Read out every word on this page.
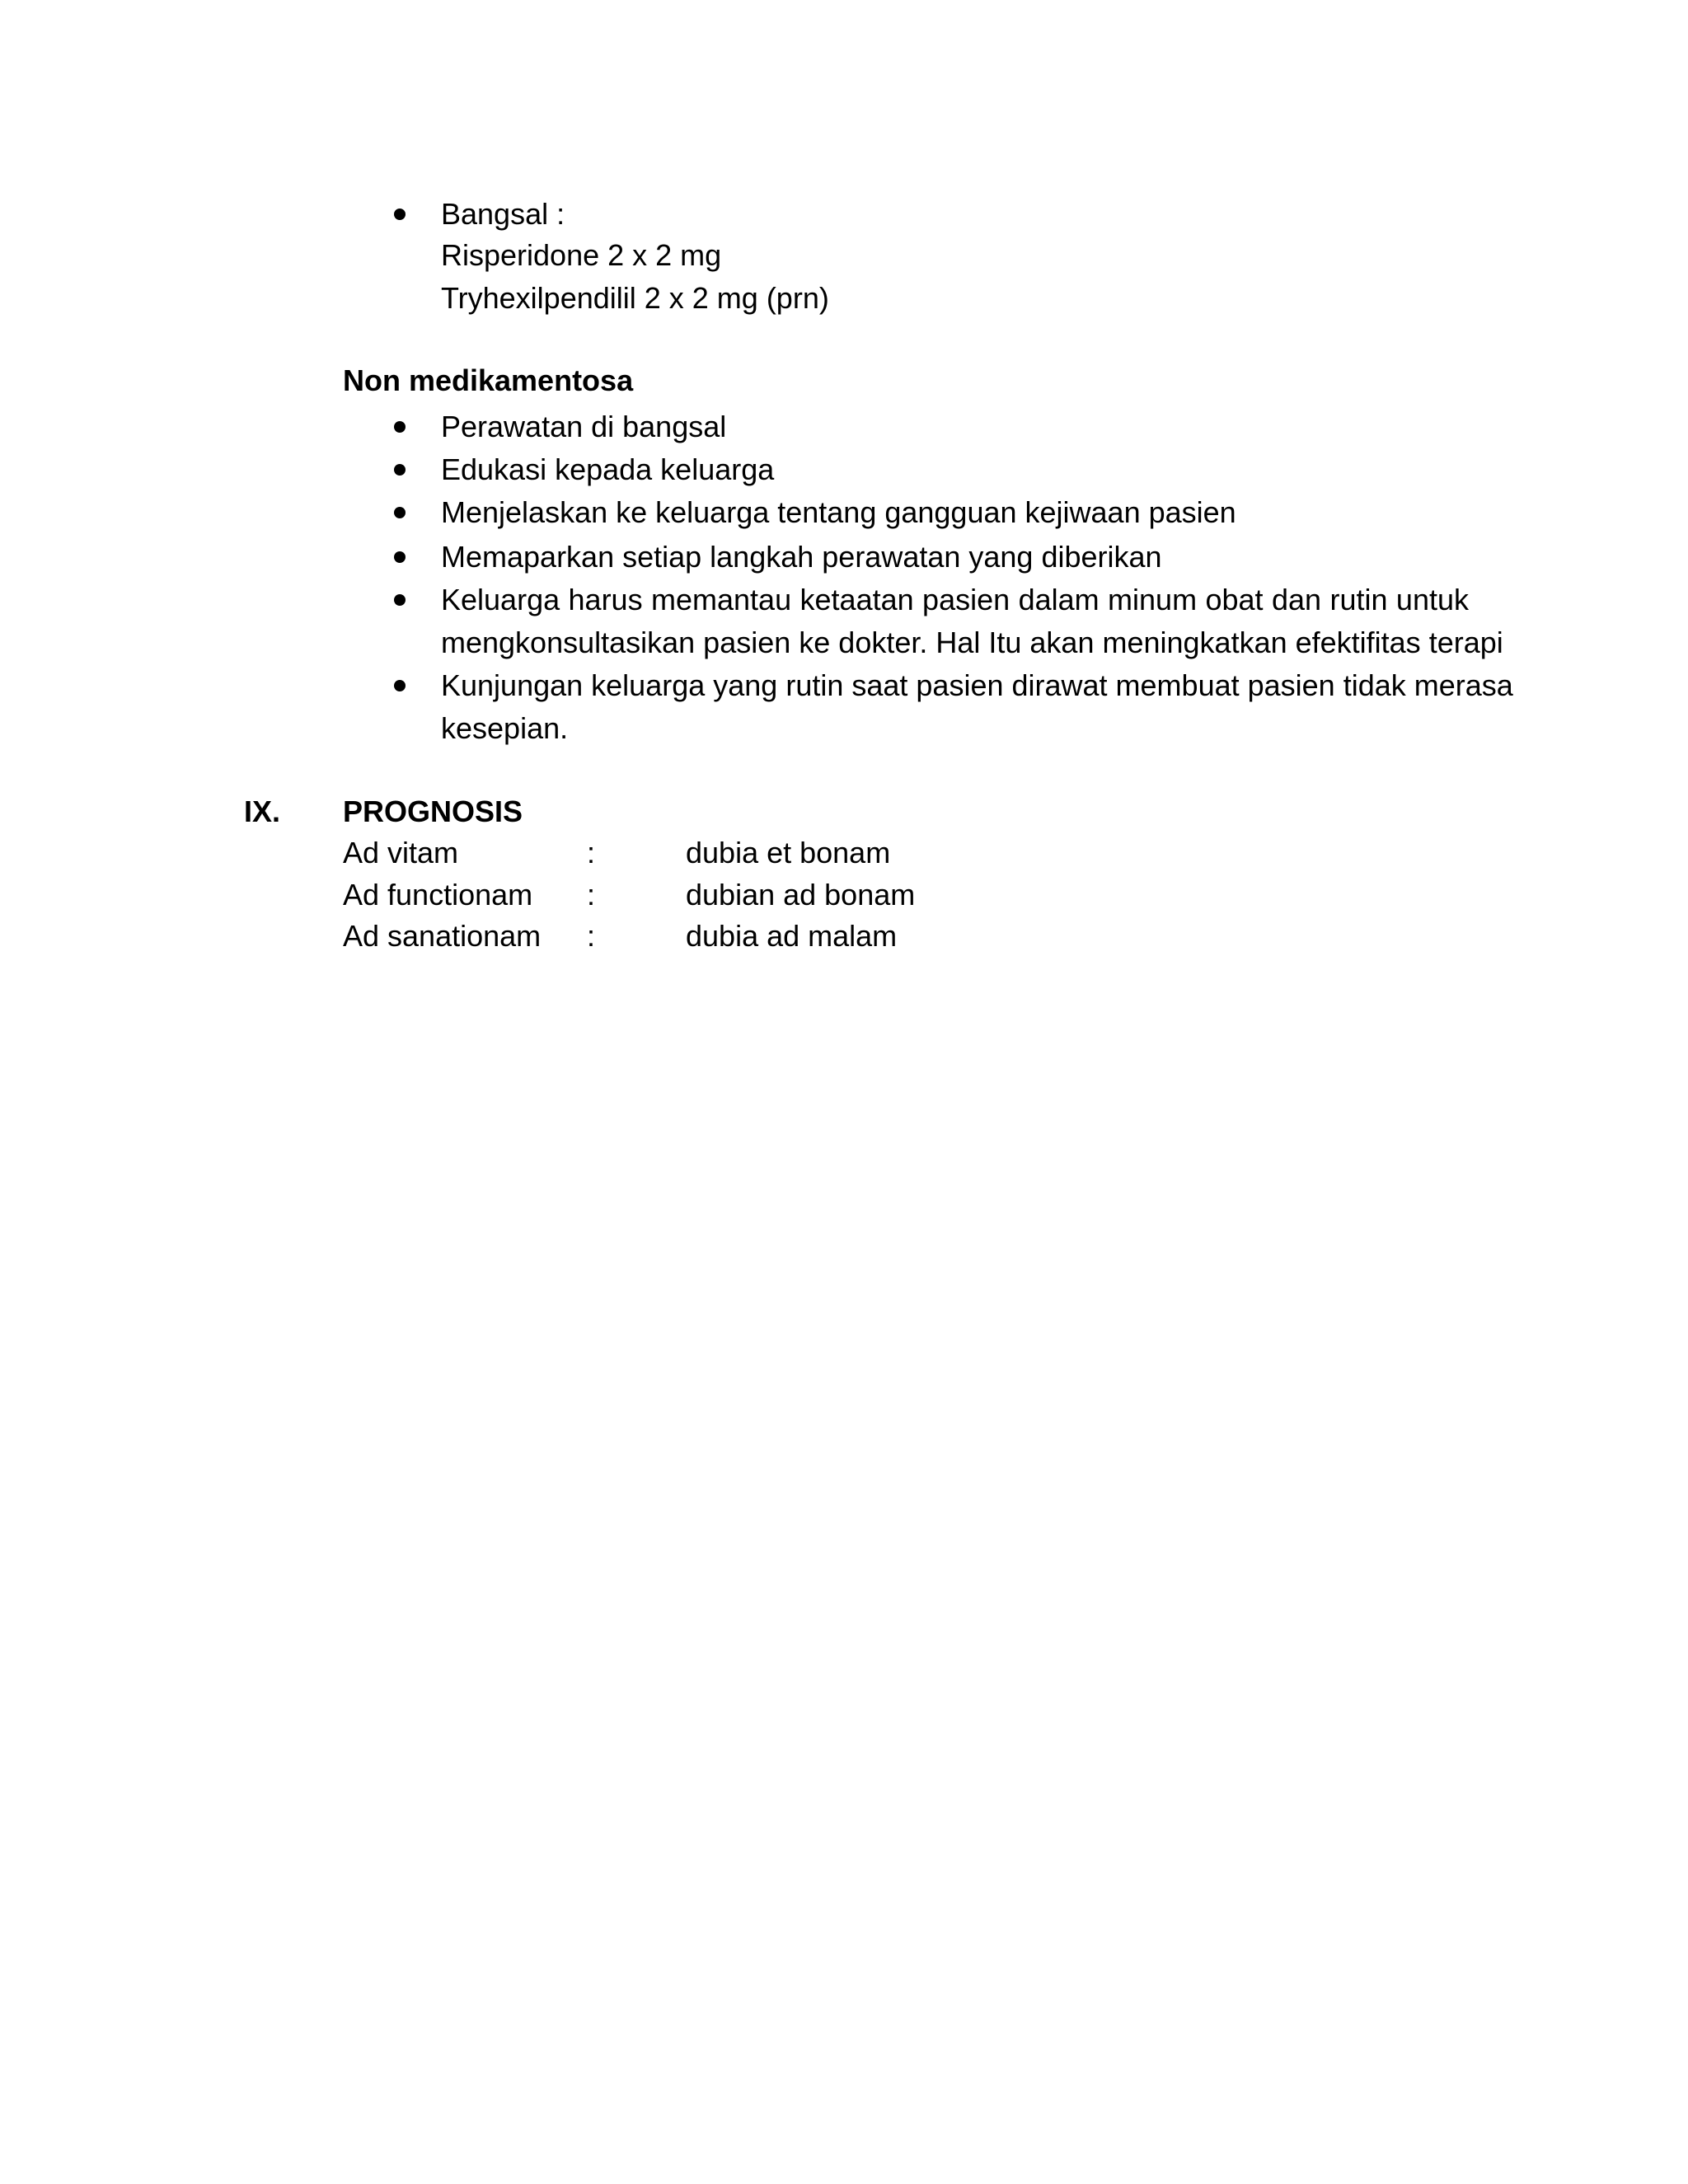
Bangsal :
Risperidone 2 x 2 mg
Tryhexilpendilil 2 x 2 mg (prn)
Non medikamentosa
Perawatan di bangsal
Edukasi kepada keluarga
Menjelaskan ke keluarga tentang gangguan kejiwaan pasien
Memaparkan setiap langkah perawatan yang diberikan
Keluarga harus memantau ketaatan pasien dalam minum obat dan rutin untuk
mengkonsultasikan pasien ke dokter. Hal Itu akan meningkatkan efektifitas terapi
Kunjungan keluarga yang rutin saat pasien dirawat membuat pasien tidak merasa
kesepian.
IX. PROGNOSIS
Ad vitam	:	dubia et bonam
Ad functionam :	dubian ad bonam
Ad sanationam :	dubia ad malam
